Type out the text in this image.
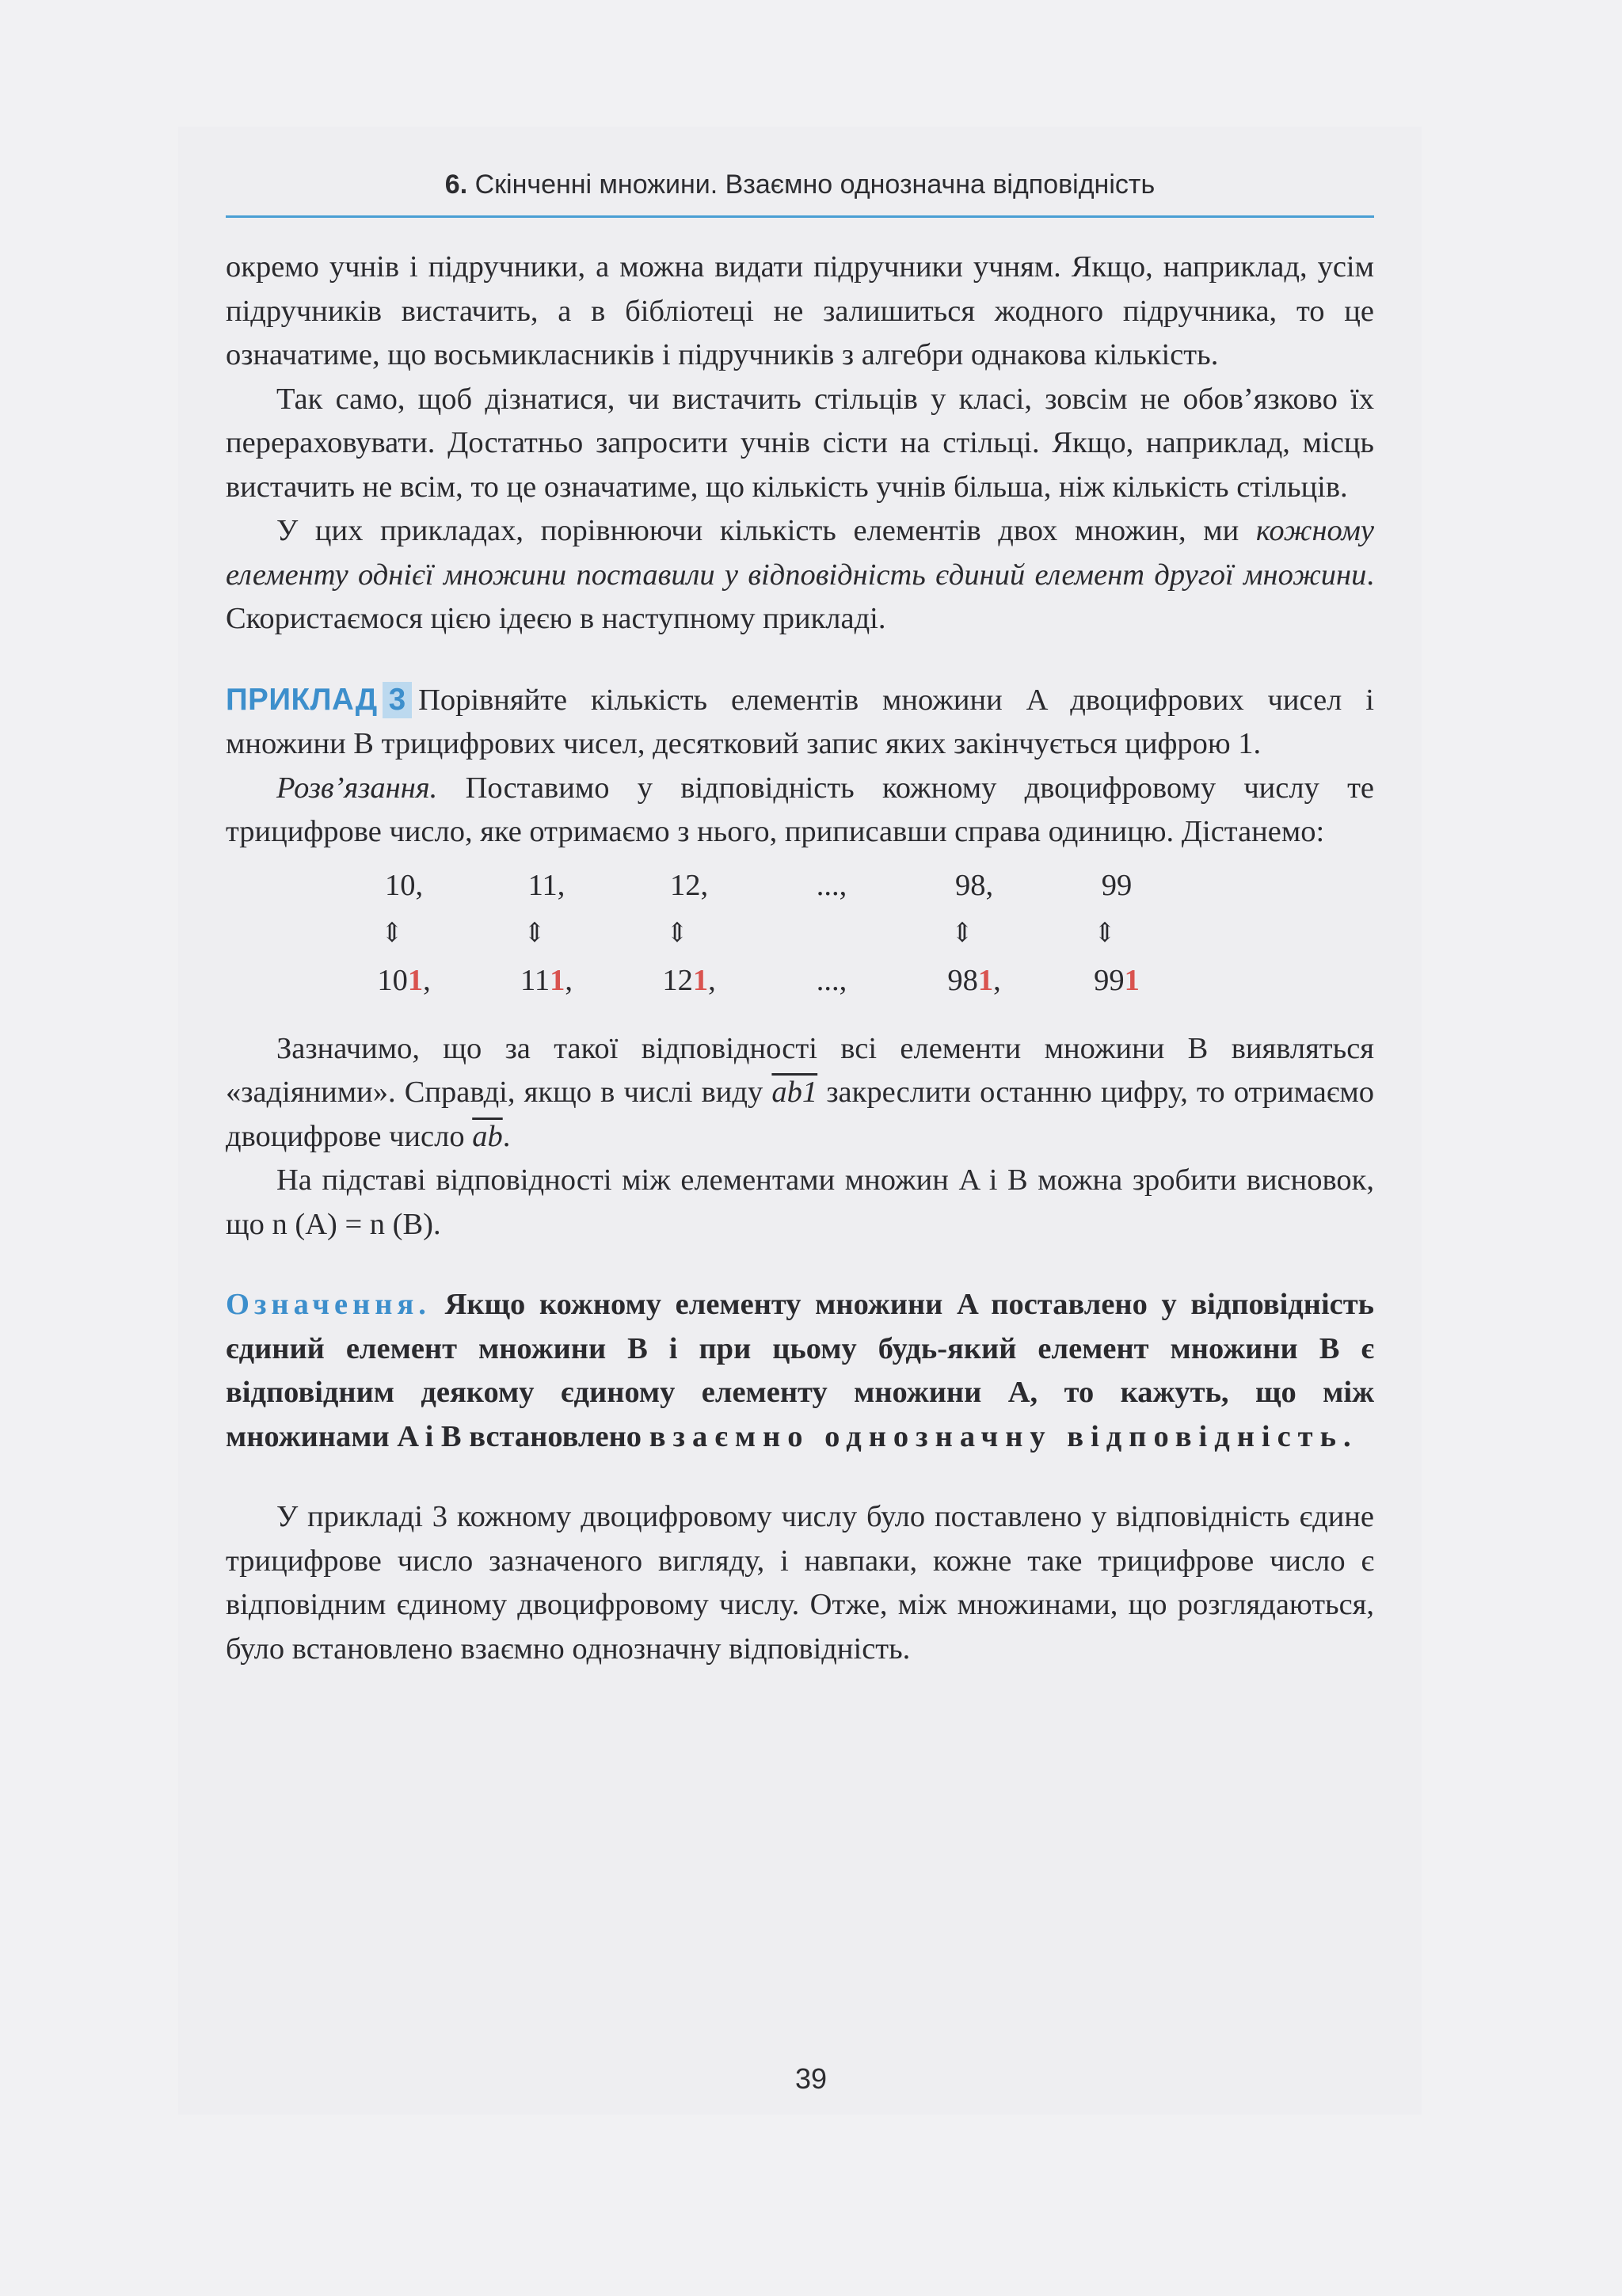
6. Скінченні множини. Взаємно однозначна відповідність

окремо учнів і підручники, а можна видати підручники учням. Якщо, наприклад, усім підручників вистачить, а в бібліотеці не залишиться жодного підручника, то це означатиме, що восьмикласників і підручників з алгебри однакова кількість.

Так само, щоб дізнатися, чи вистачить стільців у класі, зовсім не обов’язково їх перераховувати. Достатньо запросити учнів сісти на стільці. Якщо, наприклад, місць вистачить не всім, то це означатиме, що кількість учнів більша, ніж кількість стільців.

У цих прикладах, порівнюючи кількість елементів двох множин, ми кожному елементу однієї множини поставили у відповідність єдиний елемент другої множини. Скористаємося цією ідеєю в наступному прикладі.

ПРИКЛАД 3 Порівняйте кількість елементів множини A двоцифрових чисел і множини B трицифрових чисел, десятковий запис яких закінчується цифрою 1.

Розв’язання. Поставимо у відповідність кожному двоцифровому числу те трицифрове число, яке отримаємо з нього, приписавши справа одиницю. Дістанемо:

10,	11,	12,	...,	98,	99
⇕	⇕	⇕	⇕	⇕
101,	111,	121,	...,	981,	991

Зазначимо, що за такої відповідності всі елементи множини B виявляться «задіяними». Справді, якщо в числі виду ab1 закреслити останню цифру, то отримаємо двоцифрове число $\overline{ab}$.

На підставі відповідності між елементами множин A і B можна зробити висновок, що n (A) = n (B).

Означення. Якщо кожному елементу множини A поставлено у відповідність єдиний елемент множини B і при цьому будь-який елемент множини B є відповідним деякому єдиному елементу множини A, то кажуть, що між множинами A і B встановлено взаємно однозначну відповідність.

У прикладі 3 кожному двоцифровому числу було поставлено у відповідність єдине трицифрове число зазначеного вигляду, і навпаки, кожне таке трицифрове число є відповідним єдиному двоцифровому числу. Отже, між множинами, що розглядаються, було встановлено взаємно однозначну відповідність.

39
